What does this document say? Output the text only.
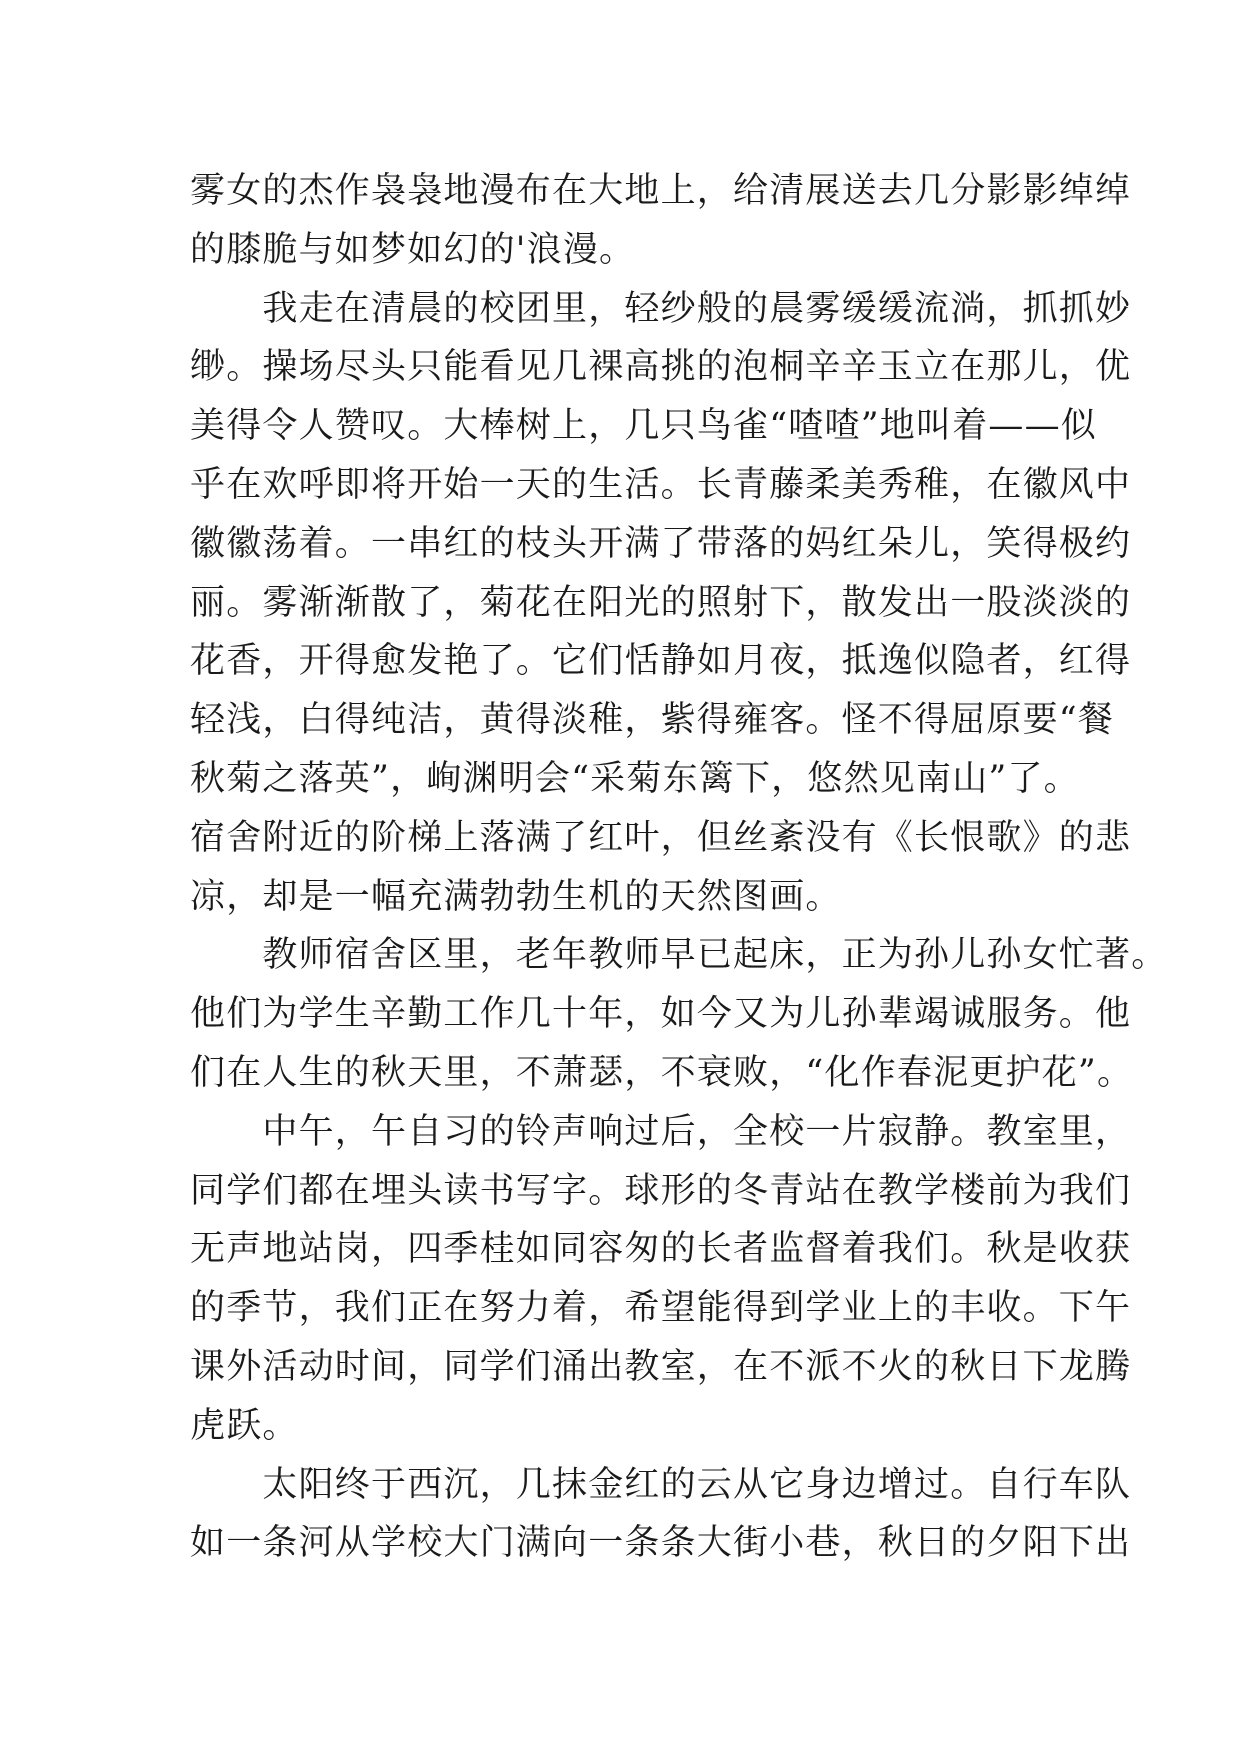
雾女的杰作袅袅地漫布在大地上，给清展送去几分影影绰绰
的膝脆与如梦如幻的'浪漫。
　　我走在清晨的校团里，轻纱般的晨雾缓缓流淌，抓抓妙
缈。操场尽头只能看见几裸高挑的泡桐辛辛玉立在那儿，优
美得令人赞叹。大棒树上，几只鸟雀“喳喳”地叫着——似
乎在欢呼即将开始一天的生活。长青藤柔美秀稚，在徽风中
徽徽荡着。一串红的枝头开满了带落的妈红朵儿，笑得极约
丽。雾渐渐散了，菊花在阳光的照射下，散发出一股淡淡的
花香，开得愈发艳了。它们恬静如月夜，抵逸似隐者，红得
轻浅，白得纯洁，黄得淡稚，紫得雍客。怪不得屈原要“餐
秋菊之落英”，峋渊明会“采菊东篱下，悠然见南山”了。
宿舍附近的阶梯上落满了红叶，但丝紊没有《长恨歌》的悲
凉，却是一幅充满勃勃生机的天然图画。
　　教师宿舍区里，老年教师早已起床，正为孙儿孙女忙著。
他们为学生辛勤工作几十年，如今又为儿孙辈竭诚服务。他
们在人生的秋天里，不萧瑟，不衰败，“化作春泥更护花”。
　　中午，午自习的铃声响过后，全校一片寂静。教室里，
同学们都在埋头读书写字。球形的冬青站在教学楼前为我们
无声地站岗，四季桂如同容匆的长者监督着我们。秋是收获
的季节，我们正在努力着，希望能得到学业上的丰收。下午
课外活动时间，同学们涌出教室，在不派不火的秋日下龙腾
虎跃。
　　太阳终于西沉，几抹金红的云从它身边增过。自行车队
如一条河从学校大门满向一条条大街小巷，秋日的夕阳下出
